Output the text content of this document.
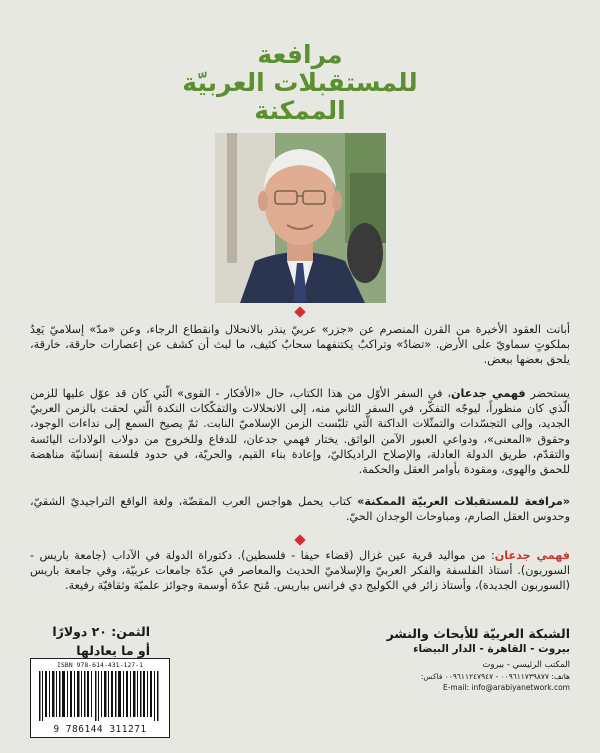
مرافعة
للمستقبلات العربيّة
الممكنة

أبانت العقود الأخيرة من القرن المنصرم عن «جزر» عربيّ ينذر بالانحلال وانقطاع الرجاء، وعن «مدّ» إسلاميّ يَعِدُ بملكوتٍ سماويّ على الأرض. «تضادٌ» وتراكبٌ يكتنفهما سحابٌ كثيف، ما لبث أن كشف عن إعصارات حارقة، خارقة، يلحق بعضها ببعض.

يستحضر فهمي جدعان، في السفر الأوّل من هذا الكتاب، حال «الأفكار - القوى» الّتي كان قد عوّل عليها للزمن الّذي كان منظوراً، ليوجّه التفكّر، في السفر الثاني منه، إلى الانحلالات والتفكّكات النكدة الّتي لحقت بالزمن العربيّ الجديد، وإلى التجسّدات والتمثّلات الداكنة الّتي تلبّست الزمن الإسلاميّ النابت. ثمّ يصيخ السمع إلى نداءات الوجود، وحقوق «المعنى»، ودواعي العبور الآمن الواثق. يختار فهمي جدعان، للدفاع وللخروج من دولاب الولادات اليائسة والتقدّم، طريق الدولة العادلة، والإصلاح الراديكاليّ، وإعادة بناء القيم، والحريّة، في حدود فلسفة إنسانيّة مناهضة للحمق والهوى، ومقودة بأوامر العقل والحكمة.

«مرافعة للمستقبلات العربيّة الممكنة» كتاب يحمل هواجس العرب المقضّة، ولغة الواقع التراجيديّ الشقيّ، وحدوس العقل الصارم، ومباوحات الوجدان الحيّ.

فهمي جدعان: من مواليد قرية عين غزال (قضاء حيفا - فلسطين). دكتوراة الدولة في الآداب (جامعة باريس - السوربون). أستاذ الفلسفة والفكر العربيّ والإسلاميّ الحديث والمعاصر في عدّة جامعات عربيّة، وفي جامعة باريس (السوربون الجديدة)، وأستاذ زائر في الكوليج دي فرانس بباريس. مُنح عدّة أوسمة وجوائز علميّة وثقافيّة رفيعة.

الثمن: ٢٠ دولارًا
أو ما يعادلها
ISBN 978-614-431-127-1
9 786144 311271
الشبكة العربيّة للأبحاث والنشر
بيروت - القاهرة - الدار البيضاء
المكتب الرئيسي - بيروت
هاتف: ٠٠٩٦١١٧٣٩٨٧٧ - ٠٠٩٦١١٢٤٧٩٤٧ فاكس:
E-mail: info@arabiyanetwork.com
